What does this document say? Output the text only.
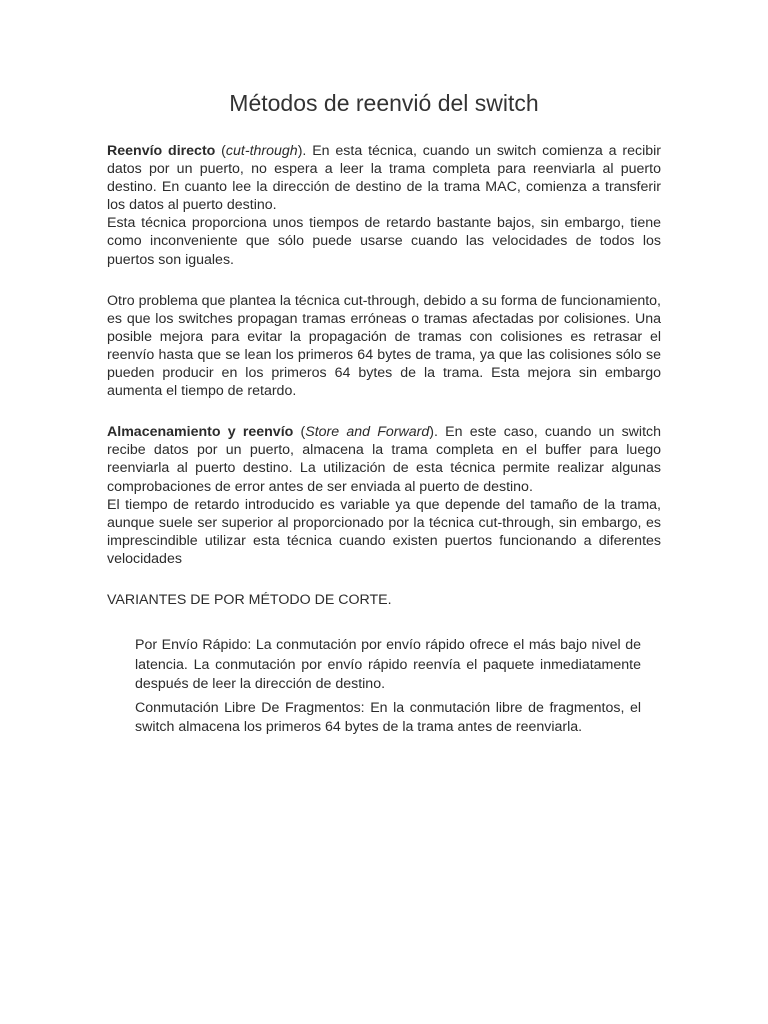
Métodos de reenvió del switch

Reenvío directo (cut-through). En esta técnica, cuando un switch comienza a recibir datos por un puerto, no espera a leer la trama completa para reenviarla al puerto destino. En cuanto lee la dirección de destino de la trama MAC, comienza a transferir los datos al puerto destino.

Esta técnica proporciona unos tiempos de retardo bastante bajos, sin embargo, tiene como inconveniente que sólo puede usarse cuando las velocidades de todos los puertos son iguales.

Otro problema que plantea la técnica cut-through, debido a su forma de funcionamiento, es que los switches propagan tramas erróneas o tramas afectadas por colisiones. Una posible mejora para evitar la propagación de tramas con colisiones es retrasar el reenvío hasta que se lean los primeros 64 bytes de trama, ya que las colisiones sólo se pueden producir en los primeros 64 bytes de la trama. Esta mejora sin embargo aumenta el tiempo de retardo.

Almacenamiento y reenvío (Store and Forward). En este caso, cuando un switch recibe datos por un puerto, almacena la trama completa en el buffer para luego reenviarla al puerto destino. La utilización de esta técnica permite realizar algunas comprobaciones de error antes de ser enviada al puerto de destino.

El tiempo de retardo introducido es variable ya que depende del tamaño de la trama, aunque suele ser superior al proporcionado por la técnica cut-through, sin embargo, es imprescindible utilizar esta técnica cuando existen puertos funcionando a diferentes velocidades

VARIANTES DE POR MÉTODO DE CORTE.

Por Envío Rápido: La conmutación por envío rápido ofrece el más bajo nivel de latencia. La conmutación por envío rápido reenvía el paquete inmediatamente después de leer la dirección de destino.

Conmutación Libre De Fragmentos: En la conmutación libre de fragmentos, el switch almacena los primeros 64 bytes de la trama antes de reenviarla.
